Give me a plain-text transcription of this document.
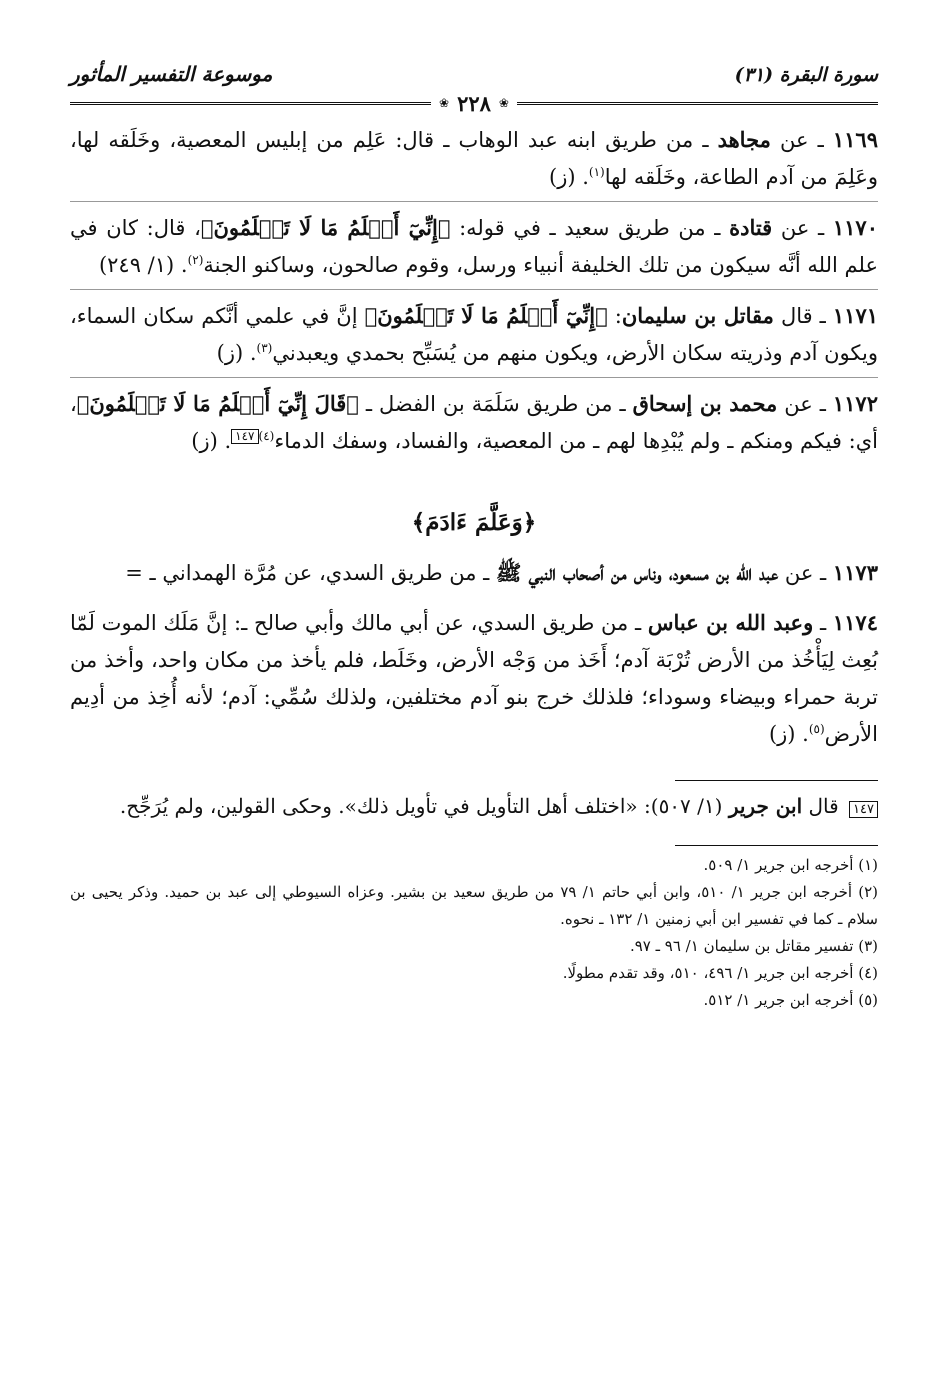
سورة البقرة (٣١)
موسوعة التفسير المأثور
❀
٢٢٨
❀
١١٦٩ ـ عن مجاهد ـ من طريق ابنه عبد الوهاب ـ قال: عَلِم من إبليس المعصية، وخَلَقه لها، وعَلِمَ من آدم الطاعة، وخَلَقه لها$^{(١)}$. (ز)
١١٧٠ ـ عن قتادة ـ من طريق سعيد ـ في قوله: ﴿إِنِّيٓ أَعۡلَمُ مَا لَا تَعۡلَمُونَ﴾، قال: كان في علم الله أنَّه سيكون من تلك الخليفة أنبياء ورسل، وقوم صالحون، وساكنو الجنة$^{(٢)}$. (١/ ٢٤٩)
١١٧١ ـ قال مقاتل بن سليمان: ﴿إِنِّيٓ أَعۡلَمُ مَا لَا تَعۡلَمُونَ﴾ إنَّ في علمي أنَّكم سكان السماء، ويكون آدم وذريته سكان الأرض، ويكون منهم من يُسَبِّح بحمدي ويعبدني$^{(٣)}$. (ز)
١١٧٢ ـ عن محمد بن إسحاق ـ من طريق سَلَمَة بن الفضل ـ ﴿قَالَ إِنِّيٓ أَعۡلَمُ مَا لَا تَعۡلَمُونَ﴾، أي: فيكم ومنكم ـ ولم يُبْدِها لهم ـ من المعصية، والفساد، وسفك الدماء$^{(٤)}$١٤٧. (ز)
﴿وَعَلَّمَ ءَادَمَ﴾
١١٧٣ ـ عن عبد الله بن مسعود، وناس من أصحاب النبي ﷺ ـ من طريق السدي، عن مُرَّة الهمداني ـ =
١١٧٤ ـ وعبد الله بن عباس ـ من طريق السدي، عن أبي مالك وأبي صالح ـ: إنَّ مَلَك الموت لَمّا بُعِث لِيَأْخُذ من الأرض تُرْبَة آدم؛ أَخَذ من وَجْه الأرض، وخَلَط، فلم يأخذ من مكان واحد، وأخذ من تربة حمراء وبيضاء وسوداء؛ فلذلك خرج بنو آدم مختلفين، ولذلك سُمِّي: آدم؛ لأنه أُخِذ من أدِيم الأرض$^{(٥)}$. (ز)
١٤٧ قال ابن جرير (١/ ٥٠٧): «اختلف أهل التأويل في تأويل ذلك». وحكى القولين، ولم يُرَجِّح.
(١) أخرجه ابن جرير ١/ ٥٠٩.
(٢) أخرجه ابن جرير ١/ ٥١٠، وابن أبي حاتم ١/ ٧٩ من طريق سعيد بن بشير. وعزاه السيوطي إلى عبد بن حميد. وذكر يحيى بن سلام ـ كما في تفسير ابن أبي زمنين ١/ ١٣٢ ـ نحوه.
(٣) تفسير مقاتل بن سليمان ١/ ٩٦ ـ ٩٧.
(٤) أخرجه ابن جرير ١/ ٤٩٦، ٥١٠، وقد تقدم مطولًا.
(٥) أخرجه ابن جرير ١/ ٥١٢.
